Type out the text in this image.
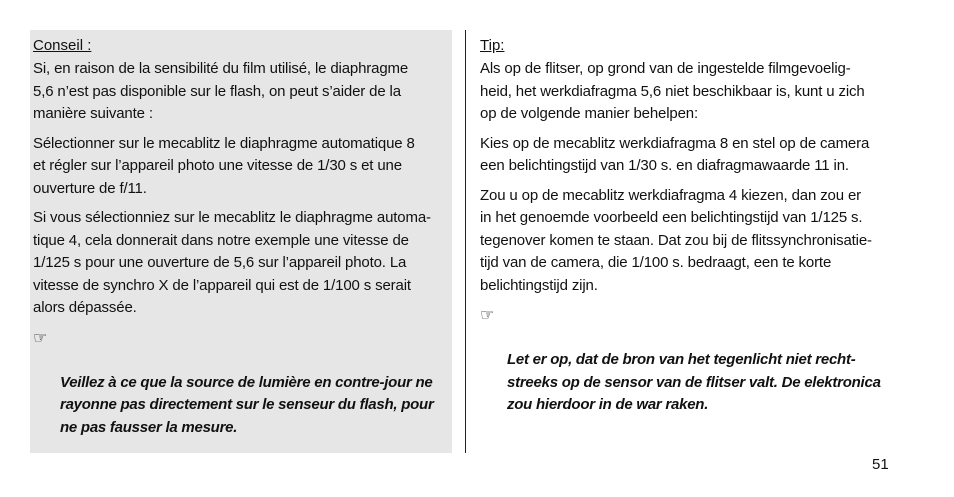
Conseil :

Si, en raison de la sensibilité du film utilisé, le diaphragme
5,6 n’est pas disponible sur le flash, on peut s’aider de la
manière suivante :

Sélectionner sur le mecablitz le diaphragme automatique 8
et régler sur l’appareil photo une vitesse de 1/30 s et une
ouverture de f/11.

Si vous sélectionniez sur le mecablitz le diaphragme automa-
tique 4, cela donnerait dans notre exemple une vitesse de
1/125 s pour une ouverture de 5,6 sur l’appareil photo. La
vitesse de synchro X de l’appareil qui est de 1/100 s serait
alors dépassée.

☞

Veillez à ce que la source de lumière en contre-jour ne
rayonne pas directement sur le senseur du flash, pour
ne pas fausser la mesure.

Tip:

Als op de flitser, op grond van de ingestelde filmgevoelig-
heid, het werkdiafragma 5,6 niet beschikbaar is, kunt u zich
op de volgende manier behelpen:

Kies op de mecablitz werkdiafragma 8 en stel op de camera
een belichtingstijd van 1/30 s. en diafragmawaarde 11 in.

Zou u op de mecablitz werkdiafragma 4 kiezen, dan zou er
in het genoemde voorbeeld een belichtingstijd van 1/125 s.
tegenover komen te staan. Dat zou bij de flitssynchronisatie-
tijd van de camera, die 1/100 s. bedraagt, een te korte
belichtingstijd zijn.

☞

Let er op, dat de bron van het tegenlicht niet recht-
streeks op de sensor van de flitser valt. De elektronica
zou hierdoor in de war raken.

51
